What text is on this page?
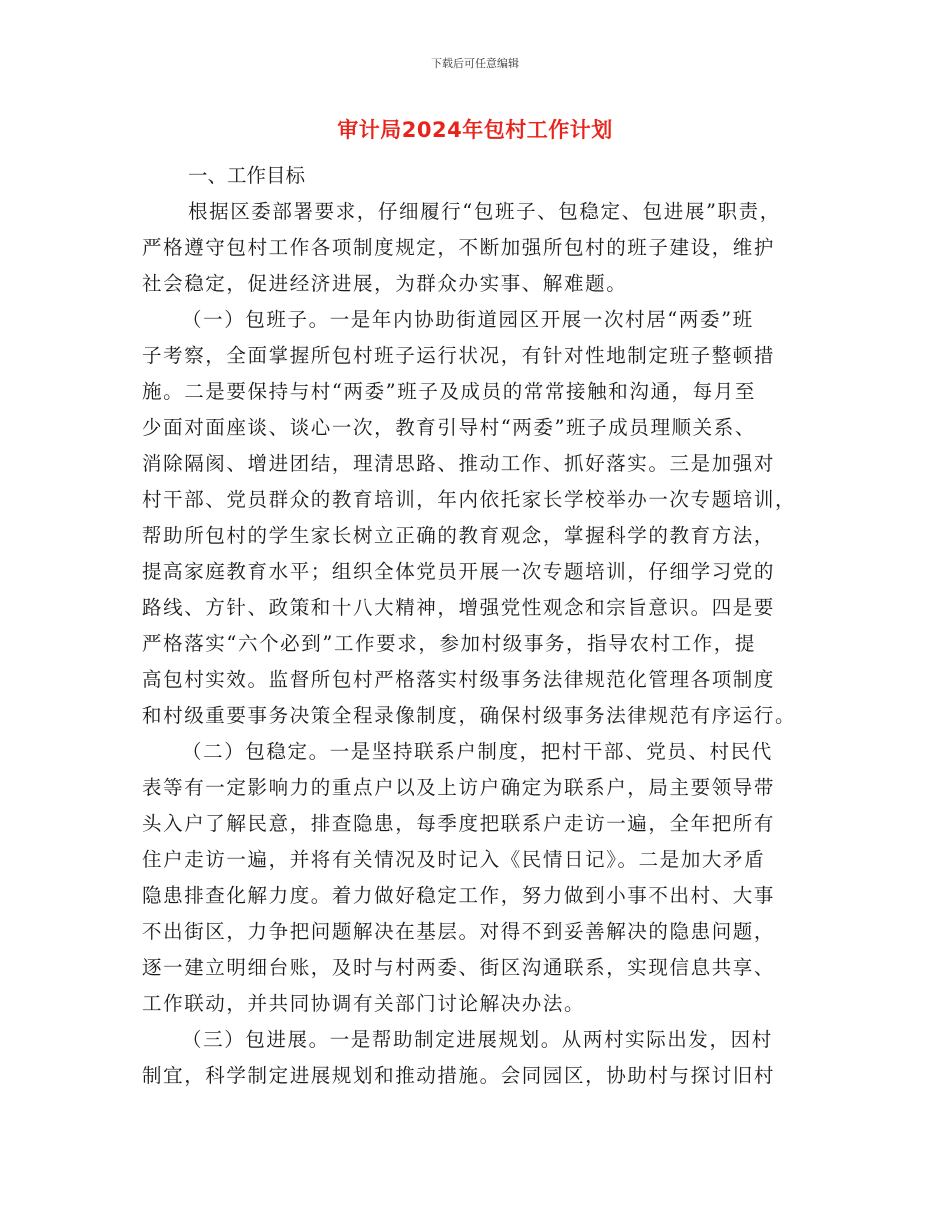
下载后可任意编辑
审计局2024年包村工作计划

一、工作目标

根据区委部署要求，仔细履行“包班子、包稳定、包进展”职责，
严格遵守包村工作各项制度规定，不断加强所包村的班子建设，维护
社会稳定，促进经济进展，为群众办实事、解难题。

（一）包班子。一是年内协助街道园区开展一次村居“两委”班
子考察，全面掌握所包村班子运行状况，有针对性地制定班子整顿措
施。二是要保持与村“两委”班子及成员的常常接触和沟通，每月至
少面对面座谈、谈心一次，教育引导村“两委”班子成员理顺关系、
消除隔阂、增进团结，理清思路、推动工作、抓好落实。三是加强对
村干部、党员群众的教育培训，年内依托家长学校举办一次专题培训，
帮助所包村的学生家长树立正确的教育观念，掌握科学的教育方法，
提高家庭教育水平；组织全体党员开展一次专题培训，仔细学习党的
路线、方针、政策和十八大精神，增强党性观念和宗旨意识。四是要
严格落实“六个必到”工作要求，参加村级事务，指导农村工作，提
高包村实效。监督所包村严格落实村级事务法律规范化管理各项制度
和村级重要事务决策全程录像制度，确保村级事务法律规范有序运行。

（二）包稳定。一是坚持联系户制度，把村干部、党员、村民代
表等有一定影响力的重点户以及上访户确定为联系户，局主要领导带
头入户了解民意，排查隐患，每季度把联系户走访一遍，全年把所有
住户走访一遍，并将有关情况及时记入《民情日记》。二是加大矛盾
隐患排查化解力度。着力做好稳定工作，努力做到小事不出村、大事
不出街区，力争把问题解决在基层。对得不到妥善解决的隐患问题，
逐一建立明细台账，及时与村两委、街区沟通联系，实现信息共享、
工作联动，并共同协调有关部门讨论解决办法。

（三）包进展。一是帮助制定进展规划。从两村实际出发，因村
制宜，科学制定进展规划和推动措施。会同园区，协助村与探讨旧村
